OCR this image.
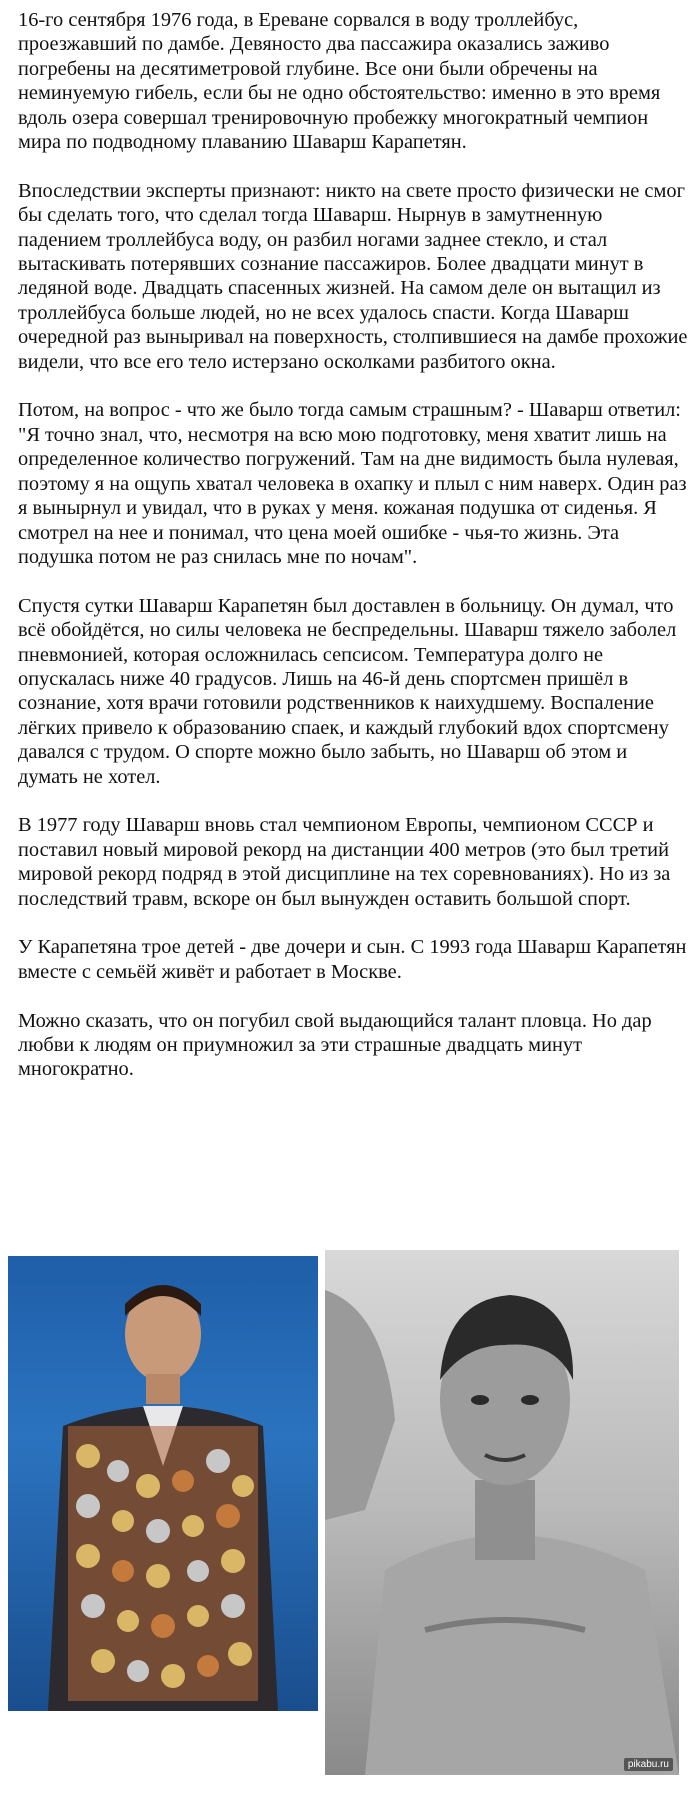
16-го сентября 1976 года, в Ереване сорвался в воду троллейбус, проезжавший по дамбе. Девяносто два пассажира оказались заживо погребены на десятиметровой глубине. Все они были обречены на неминуемую гибель, если бы не одно обстоятельство: именно в это время вдоль озера совершал тренировочную пробежку многократный чемпион мира по подводному плаванию Шаварш Карапетян.

Впоследствии эксперты признают: никто на свете просто физически не смог бы сделать того, что сделал тогда Шаварш. Нырнув в замутненную падением троллейбуса воду, он разбил ногами заднее стекло, и стал вытаскивать потерявших сознание пассажиров. Более двадцати минут в ледяной воде. Двадцать спасенных жизней. На самом деле он вытащил из троллейбуса больше людей, но не всех удалось спасти. Когда Шаварш очередной раз выныривал на поверхность, столпившиеся на дамбе прохожие видели, что все его тело истерзано осколками разбитого окна.

Потом, на вопрос - что же было тогда самым страшным? - Шаварш ответил: "Я точно знал, что, несмотря на всю мою подготовку, меня хватит лишь на определенное количество погружений. Там на дне видимость была нулевая, поэтому я на ощупь хватал человека в охапку и плыл с ним наверх. Один раз я вынырнул и увидал, что в руках у меня. кожаная подушка от сиденья. Я смотрел на нее и понимал, что цена моей ошибке - чья-то жизнь. Эта подушка потом не раз снилась мне по ночам".

Спустя сутки Шаварш Карапетян был доставлен в больницу. Он думал, что всё обойдётся, но силы человека не беспредельны. Шаварш тяжело заболел пневмонией, которая осложнилась сепсисом. Температура долго не опускалась ниже 40 градусов. Лишь на 46-й день спортсмен пришёл в сознание, хотя врачи готовили родственников к наихудшему. Воспаление лёгких привело к образованию спаек, и каждый глубокий вдох спортсмену давался с трудом. О спорте можно было забыть, но Шаварш об этом и думать не хотел.

В 1977 году Шаварш вновь стал чемпионом Европы, чемпионом СССР и поставил новый мировой рекорд на дистанции 400 метров (это был третий мировой рекорд подряд в этой дисциплине на тех соревнованиях). Но из за последствий травм, вскоре он был вынужден оставить большой спорт.

У Карапетяна трое детей - две дочери и сын. С 1993 года Шаварш Карапетян вместе с семьёй живёт и работает в Москве.

Можно сказать, что он погубил свой выдающийся талант пловца. Но дар любви к людям он приумножил за эти страшные двадцать минут многократно.

pikabu.ru
